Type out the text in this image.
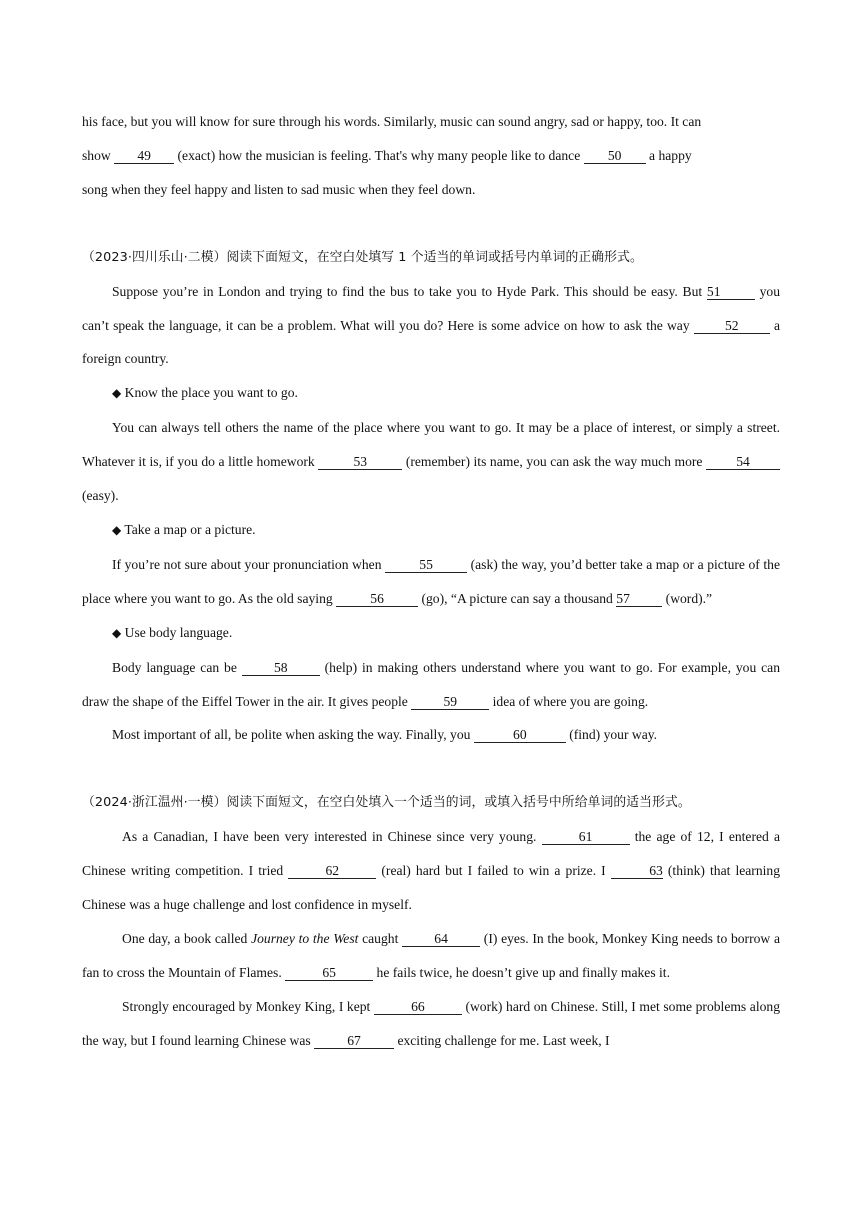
his face, but you will know for sure through his words. Similarly, music can sound angry, sad or happy, too. It can

show 49 (exact) how the musician is feeling. That's why many people like to dance 50 a happy

song when they feel happy and listen to sad music when they feel down.

（2023·四川乐山·二模）阅读下面短文，在空白处填写 1 个适当的单词或括号内单词的正确形式。

Suppose you’re in London and trying to find the bus to take you to Hyde Park. This should be easy. But 51	you can’t speak the language, it can be a problem. What will you do? Here is some advice on how to ask the way 52 a foreign country.

◆ Know the place you want to go.

You can always tell others the name of the place where you want to go. It may be a place of interest, or simply a street. Whatever it is, if you do a little homework	53	(remember) its name, you can ask the way much more 54 (easy).

◆ Take a map or a picture.

If you’re not sure about your pronunciation when	55	(ask) the way, you’d better take a map or a picture of the place where you want to go. As the old saying	56	(go), “A picture can say a thousand 57 (word).”

◆ Use body language.

Body language can be 58 (help) in making others understand where you want to go. For example, you can draw the shape of the Eiffel Tower in the air. It gives people 59 idea of where you are going.

Most important of all, be polite when asking the way. Finally, you	60	(find) your way.

（2024·浙江温州·一模）阅读下面短文，在空白处填入一个适当的词，或填入括号中所给单词的适当形式。

As a Canadian, I have been very interested in Chinese since very young.	61	the age of 12, I entered a Chinese writing competition. I tried	62	(real) hard but I failed to win a prize. I	63 (think) that learning Chinese was a huge challenge and lost confidence in myself.

One day, a book called Journey to the West caught 64 (I) eyes. In the book, Monkey King needs to borrow a fan to cross the Mountain of Flames.	65	he fails twice, he doesn’t give up and finally makes it.

Strongly encouraged by Monkey King, I kept	66	(work) hard on Chinese. Still, I met some problems along the way, but I found learning Chinese was 67 exciting challenge for me. Last week, I
